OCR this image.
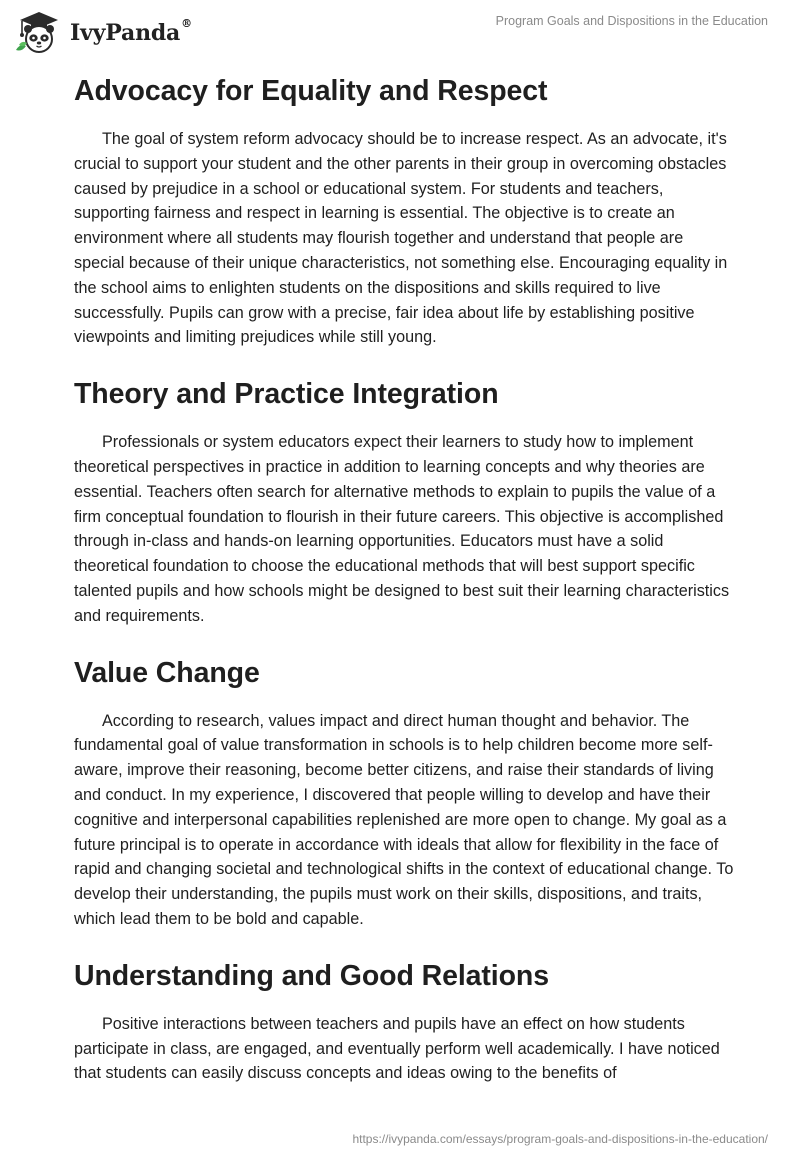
IvyPanda®	Program Goals and Dispositions in the Education
Advocacy for Equality and Respect

The goal of system reform advocacy should be to increase respect. As an advocate, it's crucial to support your student and the other parents in their group in overcoming obstacles caused by prejudice in a school or educational system. For students and teachers, supporting fairness and respect in learning is essential. The objective is to create an environment where all students may flourish together and understand that people are special because of their unique characteristics, not something else. Encouraging equality in the school aims to enlighten students on the dispositions and skills required to live successfully. Pupils can grow with a precise, fair idea about life by establishing positive viewpoints and limiting prejudices while still young.

Theory and Practice Integration

Professionals or system educators expect their learners to study how to implement theoretical perspectives in practice in addition to learning concepts and why theories are essential. Teachers often search for alternative methods to explain to pupils the value of a firm conceptual foundation to flourish in their future careers. This objective is accomplished through in-class and hands-on learning opportunities. Educators must have a solid theoretical foundation to choose the educational methods that will best support specific talented pupils and how schools might be designed to best suit their learning characteristics and requirements.

Value Change

According to research, values impact and direct human thought and behavior. The fundamental goal of value transformation in schools is to help children become more self-aware, improve their reasoning, become better citizens, and raise their standards of living and conduct. In my experience, I discovered that people willing to develop and have their cognitive and interpersonal capabilities replenished are more open to change. My goal as a future principal is to operate in accordance with ideals that allow for flexibility in the face of rapid and changing societal and technological shifts in the context of educational change. To develop their understanding, the pupils must work on their skills, dispositions, and traits, which lead them to be bold and capable.

Understanding and Good Relations

Positive interactions between teachers and pupils have an effect on how students participate in class, are engaged, and eventually perform well academically. I have noticed that students can easily discuss concepts and ideas owing to the benefits of

https://ivypanda.com/essays/program-goals-and-dispositions-in-the-education/
